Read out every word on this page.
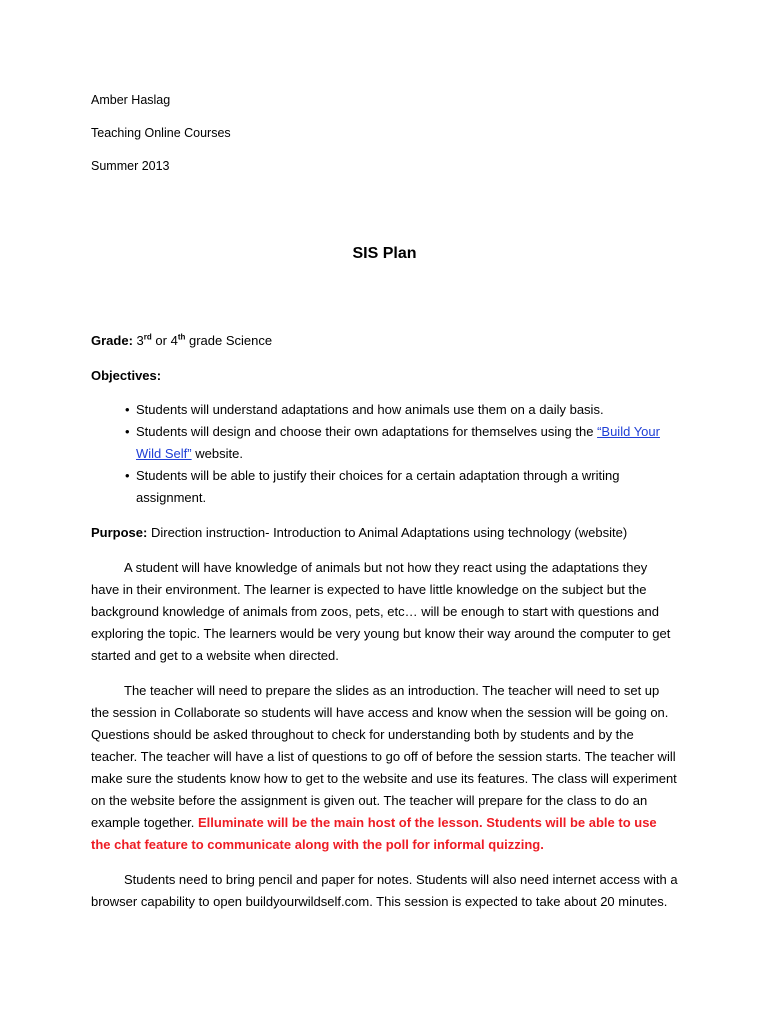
Amber Haslag

Teaching Online Courses

Summer 2013

SIS Plan

Grade: 3rd or 4th grade Science

Objectives:

• Students will understand adaptations and how animals use them on a daily basis.
• Students will design and choose their own adaptations for themselves using the “Build Your Wild Self” website.
• Students will be able to justify their choices for a certain adaptation through a writing assignment.

Purpose: Direction instruction- Introduction to Animal Adaptations using technology (website)

A student will have knowledge of animals but not how they react using the adaptations they have in their environment. The learner is expected to have little knowledge on the subject but the background knowledge of animals from zoos, pets, etc… will be enough to start with questions and exploring the topic. The learners would be very young but know their way around the computer to get started and get to a website when directed.

The teacher will need to prepare the slides as an introduction. The teacher will need to set up the session in Collaborate so students will have access and know when the session will be going on. Questions should be asked throughout to check for understanding both by students and by the teacher. The teacher will have a list of questions to go off of before the session starts. The teacher will make sure the students know how to get to the website and use its features. The class will experiment on the website before the assignment is given out. The teacher will prepare for the class to do an example together. Elluminate will be the main host of the lesson. Students will be able to use the chat feature to communicate along with the poll for informal quizzing.

Students need to bring pencil and paper for notes. Students will also need internet access with a browser capability to open buildyourwildself.com. This session is expected to take about 20 minutes.
